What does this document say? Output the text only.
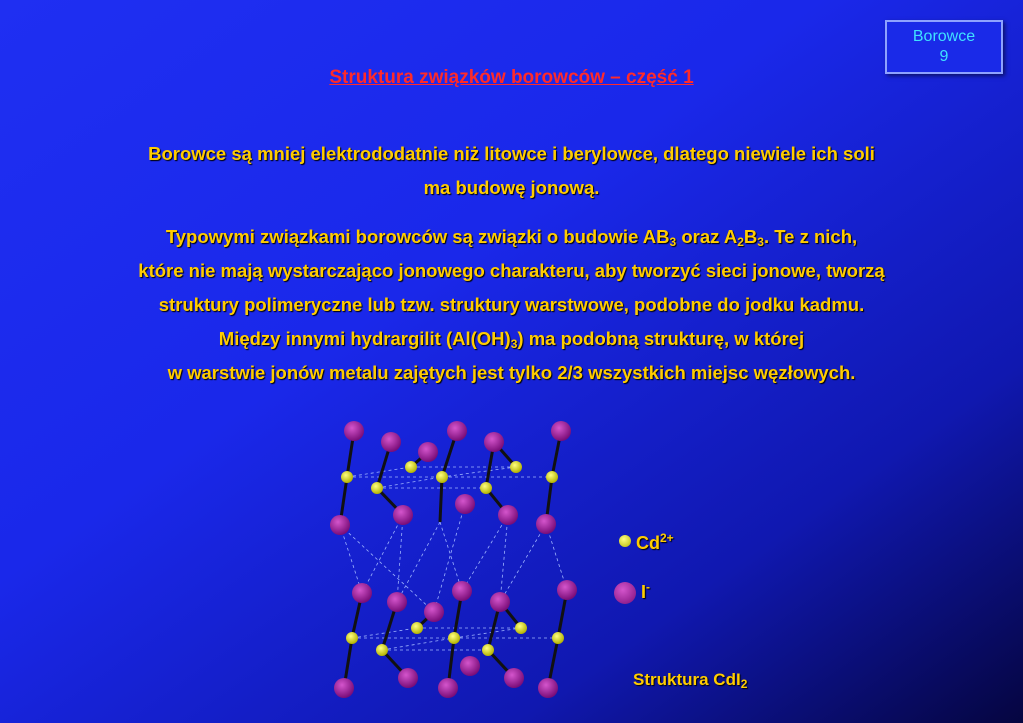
Borowce
9
Struktura związków borowców – część 1
Borowce są mniej elektrododatnie niż litowce i berylowce, dlatego niewiele ich soli
ma budowę jonową.
Typowymi związkami borowców są związki o budowie $AB_3$ oraz $A_2B_3$. Te z nich,
które nie mają wystarczająco jonowego charakteru, aby tworzyć sieci jonowe, tworzą
struktury polimeryczne lub tzw. struktury warstwowe, podobne do jodku kadmu.
Między innymi hydrargilit $(Al(OH)_3)$ ma podobną strukturę, w której
w warstwie jonów metalu zajętych jest tylko 2/3 wszystkich miejsc węzłowych.
$Cd^{2+}$
I-
Struktura CdI$_2$
